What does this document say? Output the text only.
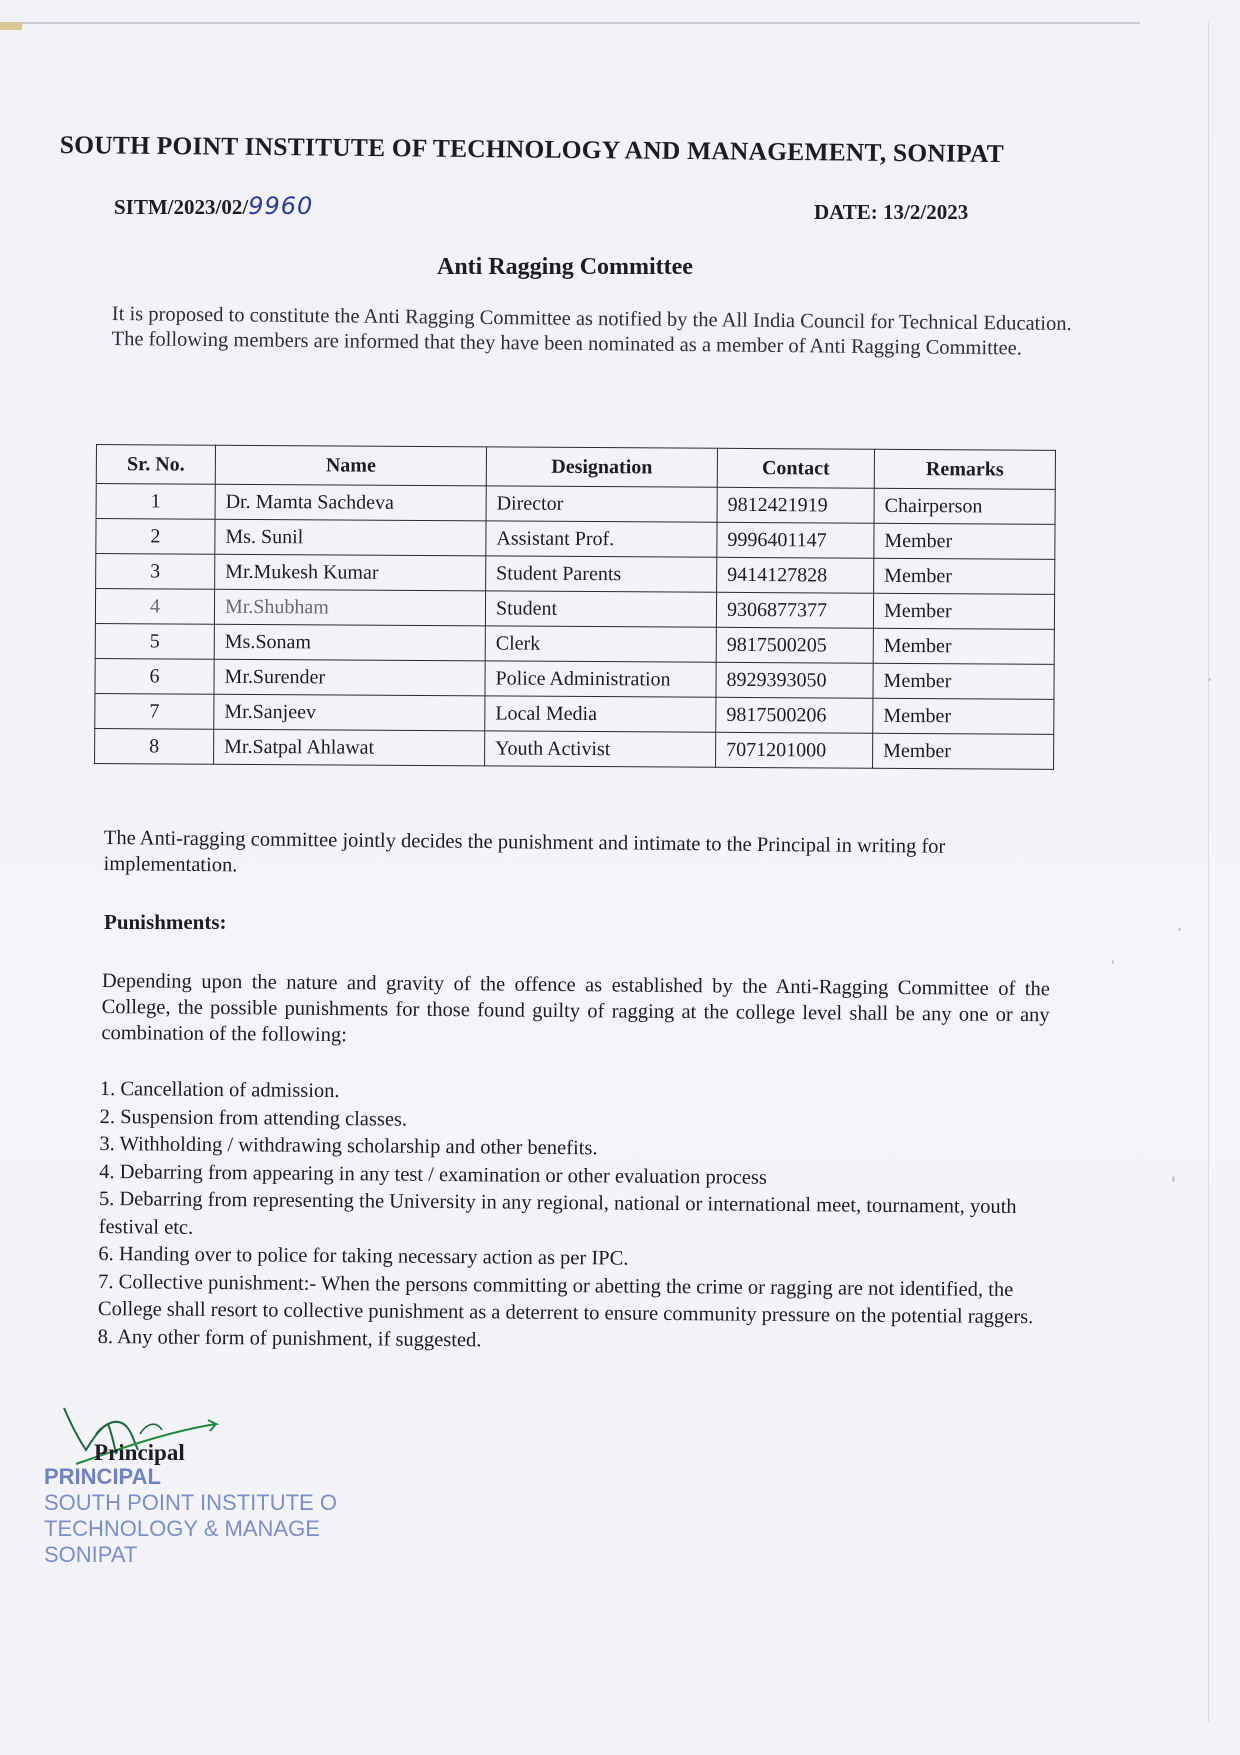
SOUTH POINT INSTITUTE OF TECHNOLOGY AND MANAGEMENT, SONIPAT
SITM/2023/02/9960	DATE: 13/2/2023
Anti Ragging Committee
It is proposed to constitute the Anti Ragging Committee as notified by the All India Council for Technical Education. The following members are informed that they have been nominated as a member of Anti Ragging Committee.
Sr. No.	Name	Designation	Contact	Remarks
1	Dr. Mamta Sachdeva	Director	9812421919	Chairperson
2	Ms. Sunil	Assistant Prof.	9996401147	Member
3	Mr.Mukesh Kumar	Student Parents	9414127828	Member
4	Mr.Shubham	Student	9306877377	Member
5	Ms.Sonam	Clerk	9817500205	Member
6	Mr.Surender	Police Administration	8929393050	Member
7	Mr.Sanjeev	Local Media	9817500206	Member
8	Mr.Satpal Ahlawat	Youth Activist	7071201000	Member
The Anti-ragging committee jointly decides the punishment and intimate to the Principal in writing for implementation.
Punishments:
Depending upon the nature and gravity of the offence as established by the Anti-Ragging Committee of the College, the possible punishments for those found guilty of ragging at the college level shall be any one or any combination of the following:
1. Cancellation of admission.
2. Suspension from attending classes.
3. Withholding / withdrawing scholarship and other benefits.
4. Debarring from appearing in any test / examination or other evaluation process
5. Debarring from representing the University in any regional, national or international meet, tournament, youth festival etc.
6. Handing over to police for taking necessary action as per IPC.
7. Collective punishment:- When the persons committing or abetting the crime or ragging are not identified, the College shall resort to collective punishment as a deterrent to ensure community pressure on the potential raggers.
8. Any other form of punishment, if suggested.
Principal
PRINCIPAL
SOUTH POINT INSTITUTE O
TECHNOLOGY & MANAGE
SONIPAT
